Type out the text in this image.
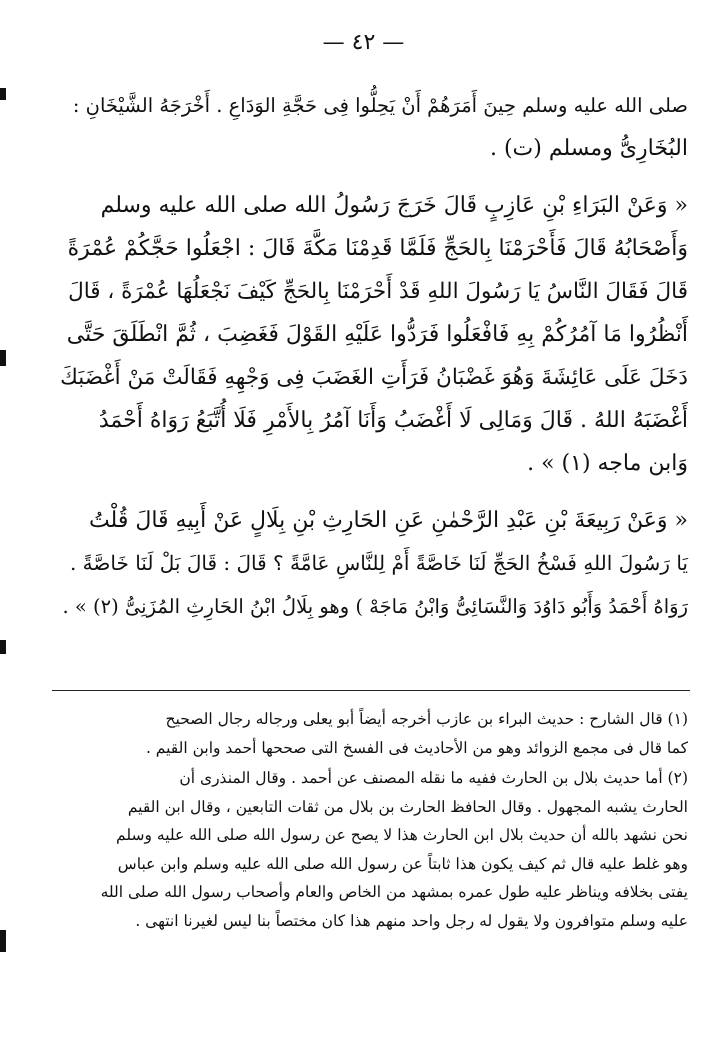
— ٤٢ —
صلى الله عليه وسلم حِينَ أَمَرَهُمْ أَنْ يَحِلُّوا فِى حَجَّةِ الوَدَاعِ . أَخْرَجَهُ الشَّيْخَانِ :
البُخَارِىُّ ومسلم (ت) .
« وَعَنْ البَرَاءِ بْنِ عَازِبٍ قَالَ خَرَجَ رَسُولُ الله صلى الله عليه وسلم
وَأَصْحَابُهُ قَالَ فَأَحْرَمْنَا بِالحَجِّ فَلَمَّا قَدِمْنَا مَكَّةَ قَالَ : اجْعَلُوا حَجَّكُمْ عُمْرَةً
قَالَ فَقَالَ النَّاسُ يَا رَسُولَ اللهِ قَدْ أَحْرَمْنَا بِالحَجِّ كَيْفَ نَجْعَلُهَا عُمْرَةً ، قَالَ
أَنْظُرُوا مَا آمُرُكُمْ بِهِ فَافْعَلُوا فَرَدُّوا عَلَيْهِ القَوْلَ فَغَضِبَ ، ثُمَّ انْطَلَقَ حَتَّى
دَخَلَ عَلَى عَائِشَةَ وَهُوَ غَضْبَانُ فَرَأَتِ الغَضَبَ فِى وَجْهِهِ فَقَالَتْ مَنْ أَغْضَبَكَ
أَغْضَبَهُ اللهُ . قَالَ وَمَالِى لَا أَغْضَبُ وَأَنَا آمُرُ بِالأَمْرِ فَلَا أُتَّبَعُ رَوَاهُ أَحْمَدُ
وَابن ماجه (١) » .
« وَعَنْ رَبِيعَةَ بْنِ عَبْدِ الرَّحْمٰنِ عَنِ الحَارِثِ بْنِ بِلَالٍ عَنْ أَبِيهِ قَالَ قُلْتُ
يَا رَسُولَ اللهِ فَسْخُ الحَجِّ لَنَا خَاصَّةً أَمْ لِلنَّاسِ عَامَّةً ؟ قَالَ : قَالَ بَلْ لَنَا خَاصَّةً .
رَوَاهُ أَحْمَدُ وَأَبُو دَاوُدَ وَالنَّسَائِىُّ وَابْنُ مَاجَهْ ) وهو بِلَالُ ابْنُ الحَارِثِ المُزَنِىُّ (٢) » .
(١) قال الشارح : حديث البراء بن عازب أخرجه أيضاً أبو يعلى ورجاله رجال الصحيح
كما قال فى مجمع الزوائد وهو من الأحاديث فى الفسخ التى صححها أحمد وابن القيم .
(٢) أما حديث بلال بن الحارث ففيه ما نقله المصنف عن أحمد . وقال المنذرى أن
الحارث يشبه المجهول . وقال الحافظ الحارث بن بلال من ثقات التابعين ، وقال ابن القيم
نحن نشهد بالله أن حديث بلال ابن الحارث هذا لا يصح عن رسول الله صلى الله عليه وسلم
وهو غلط عليه قال ثم كيف يكون هذا ثابتاً عن رسول الله صلى الله عليه وسلم وابن عباس
يفتى بخلافه ويناظر عليه طول عمره بمشهد من الخاص والعام وأصحاب رسول الله صلى الله
عليه وسلم متوافرون ولا يقول له رجل واحد منهم هذا كان مختصاً بنا ليس لغيرنا انتهى .
